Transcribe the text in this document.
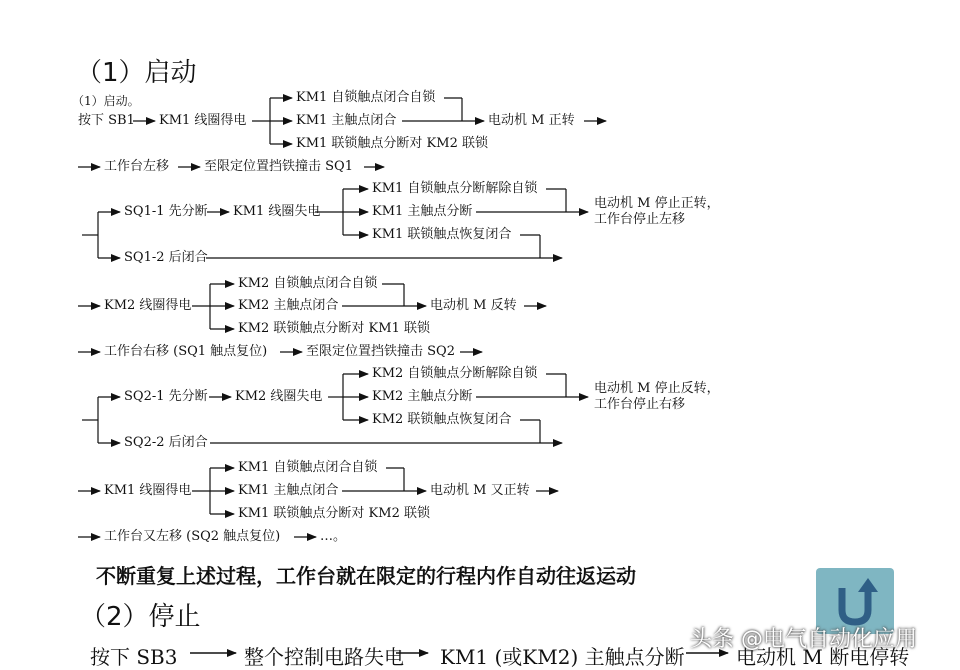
（1）启动
（1）启动。
按下 SB1 KM1 线圈得电
KM1 自锁触点闭合自锁
KM1 主触点闭合
KM1 联锁触点分断对 KM2 联锁
电动机 M 正转
工作台左移	至限定位置挡铁撞击 SQ1
SQ1-1 先分断 KM1 线圈失电
KM1 自锁触点分断解除自锁
KM1 主触点分断
KM1 联锁触点恢复闭合
电动机 M 停止正转，
工作台停止左移
SQ1-2 后闭合
KM2 线圈得电
KM2 自锁触点闭合自锁
KM2 主触点闭合
KM2 联锁触点分断对 KM1 联锁
电动机 M 反转
工作台右移 (SQ1 触点复位)	至限定位置挡铁撞击 SQ2
SQ2-1 先分断 KM2 线圈失电
KM2 自锁触点分断解除自锁
KM2 主触点分断
KM2 联锁触点恢复闭合
电动机 M 停止反转，
工作台停止右移
SQ2-2 后闭合
KM1 线圈得电
KM1 自锁触点闭合自锁
KM1 主触点闭合
KM1 联锁触点分断对 KM2 联锁
电动机 M 又正转
工作台又左移 (SQ2 触点复位)	…。
不断重复上述过程，工作台就在限定的行程内作自动往返运动
（2）停止
按下 SB3	整个控制电路失电 KM1 (或KM2) 主触点分断	电动机 M 断电停转
头条 @电气自动化应用
